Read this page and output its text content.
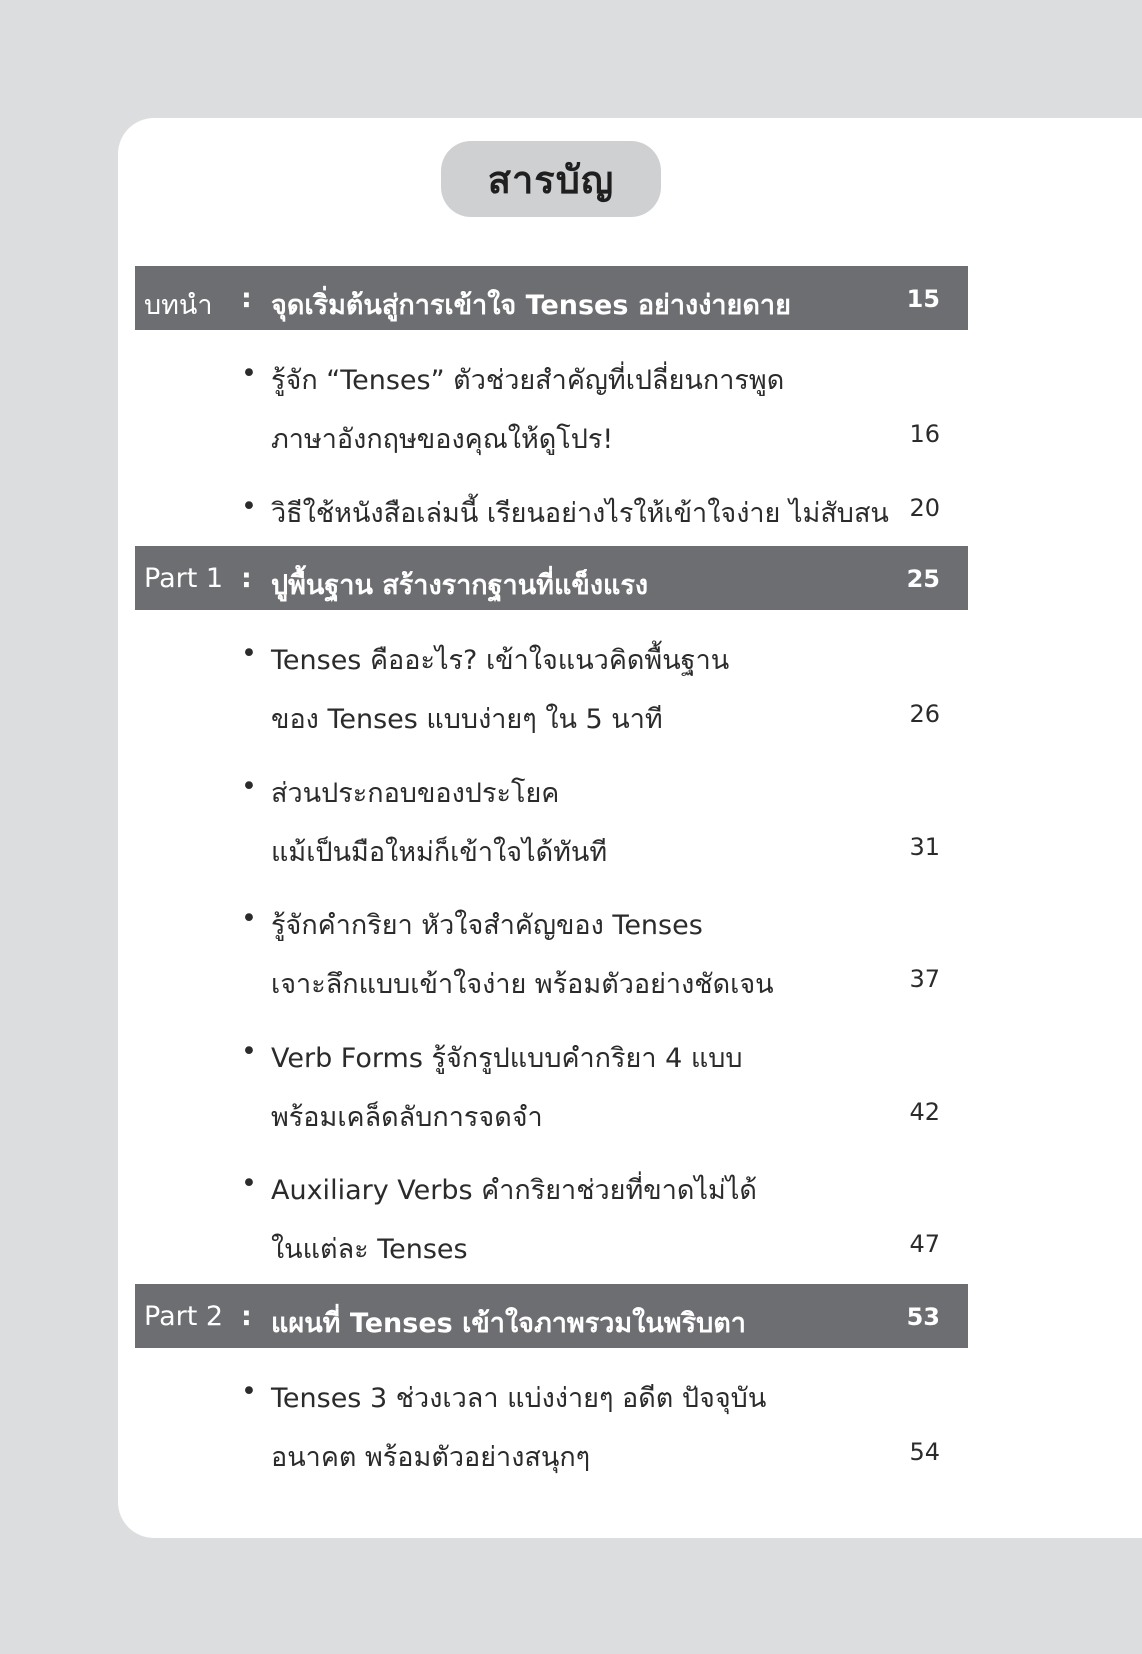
สารบัญ
บทนำ : จุดเริ่มต้นสู่การเข้าใจ Tenses อย่างง่ายดาย	15
• รู้จัก “Tenses” ตัวช่วยสำคัญที่เปลี่ยนการพูด
ภาษาอังกฤษของคุณให้ดูโปร!	16
• วิธีใช้หนังสือเล่มนี้ เรียนอย่างไรให้เข้าใจง่าย ไม่สับสน 20
Part 1 : ปูพื้นฐาน สร้างรากฐานที่แข็งแรง	25
• Tenses คืออะไร? เข้าใจแนวคิดพื้นฐาน
ของ Tenses แบบง่ายๆ ใน 5 นาที	26
• ส่วนประกอบของประโยค
แม้เป็นมือใหม่ก็เข้าใจได้ทันที	31
• รู้จักคำกริยา หัวใจสำคัญของ Tenses
เจาะลึกแบบเข้าใจง่าย พร้อมตัวอย่างชัดเจน	37
• Verb Forms รู้จักรูปแบบคำกริยา 4 แบบ
พร้อมเคล็ดลับการจดจำ	42
• Auxiliary Verbs คำกริยาช่วยที่ขาดไม่ได้
ในแต่ละ Tenses	47
Part 2 : แผนที่ Tenses เข้าใจภาพรวมในพริบตา	53
• Tenses 3 ช่วงเวลา แบ่งง่ายๆ อดีต ปัจจุบัน
อนาคต พร้อมตัวอย่างสนุกๆ	54
